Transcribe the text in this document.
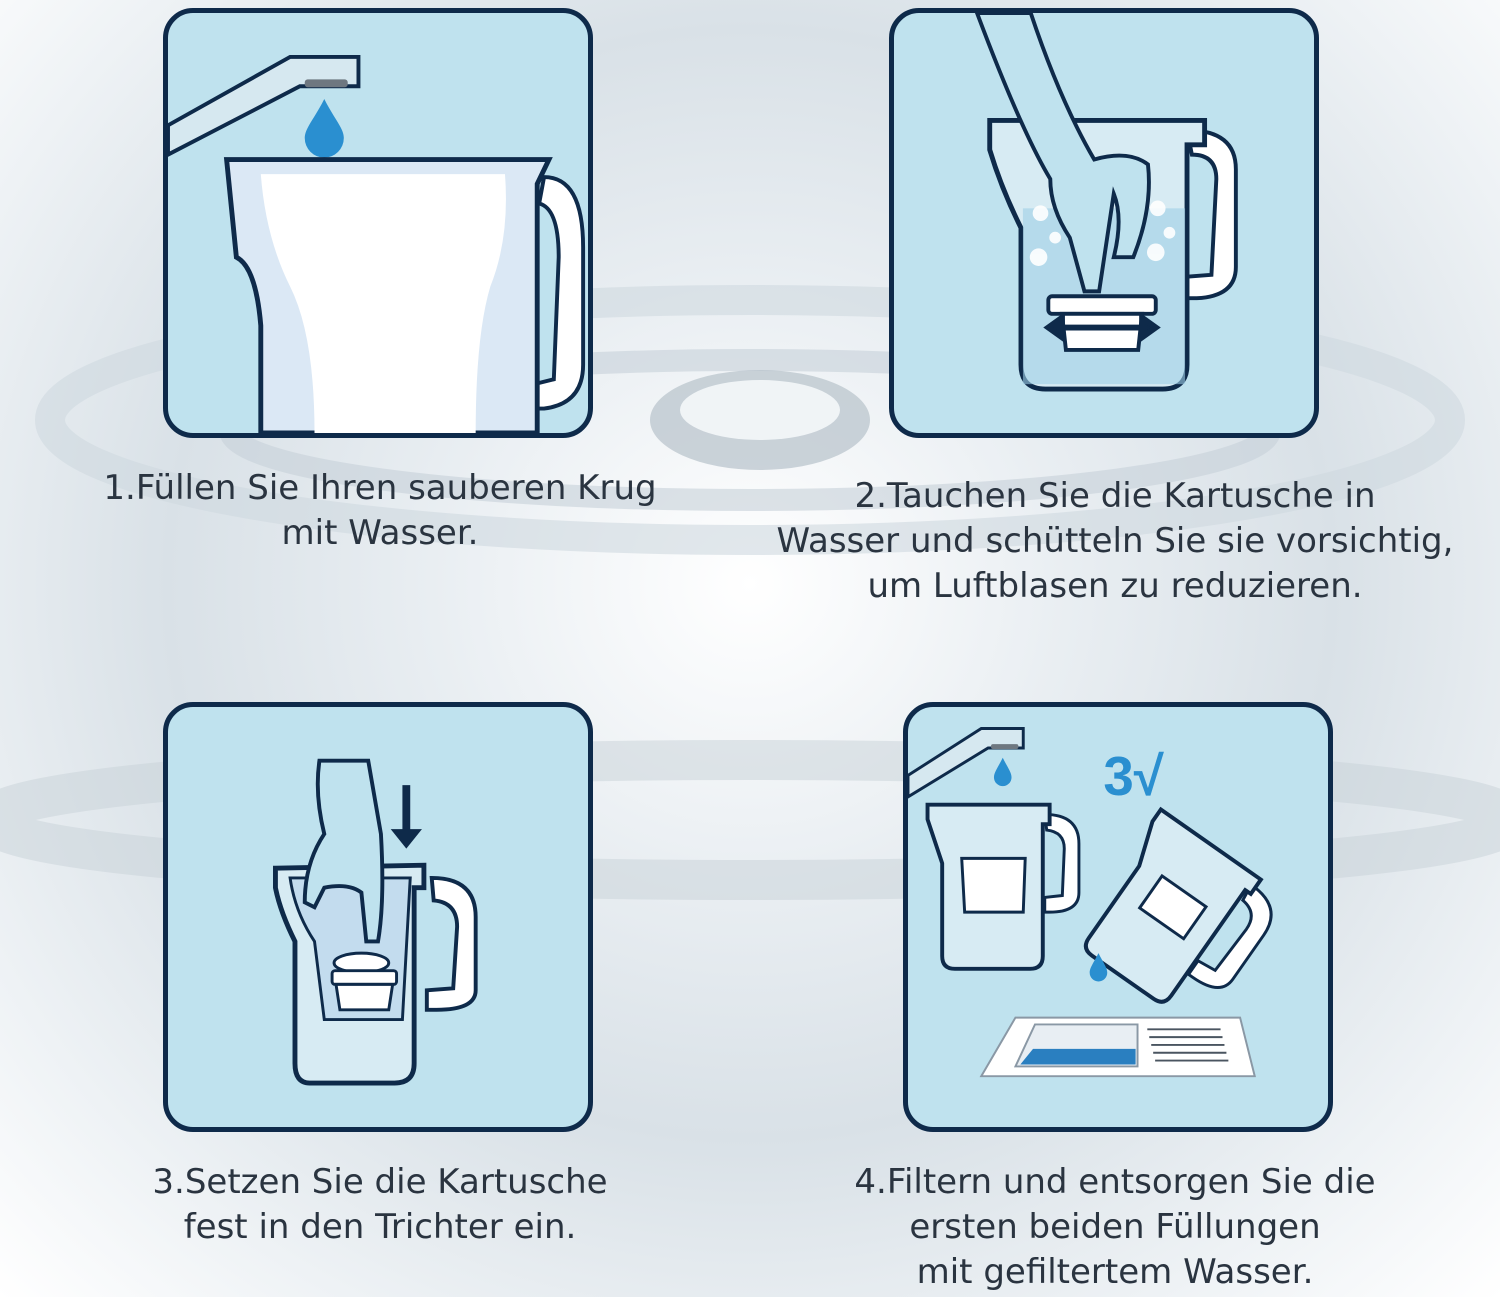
3√
1.Füllen Sie Ihren sauberen Krug
mit Wasser.
2.Tauchen Sie die Kartusche in
Wasser und schütteln Sie sie vorsichtig,
um Luftblasen zu reduzieren.
3.Setzen Sie die Kartusche
fest in den Trichter ein.
4.Filtern und entsorgen Sie die
ersten beiden Füllungen
mit gefiltertem Wasser.
